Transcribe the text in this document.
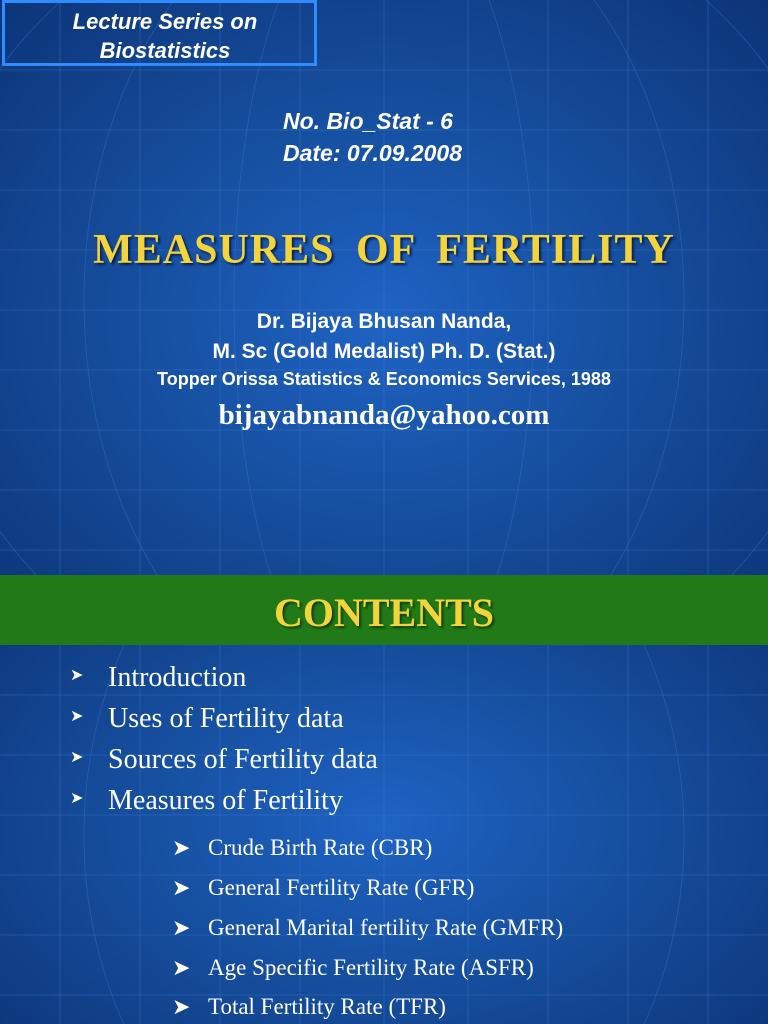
Lecture Series on Biostatistics
No. Bio_Stat - 6
Date: 07.09.2008
MEASURES OF FERTILITY
Dr. Bijaya Bhusan Nanda,
M. Sc (Gold Medalist) Ph. D. (Stat.)
Topper Orissa Statistics & Economics Services, 1988
bijayabnanda@yahoo.com
CONTENTS
➤ Introduction
➤ Uses of Fertility data
➤ Sources of Fertility data
➤ Measures of Fertility
➤ Crude Birth Rate (CBR)
➤ General Fertility Rate (GFR)
➤ General Marital fertility Rate (GMFR)
➤ Age Specific Fertility Rate (ASFR)
➤ Total Fertility Rate (TFR)
